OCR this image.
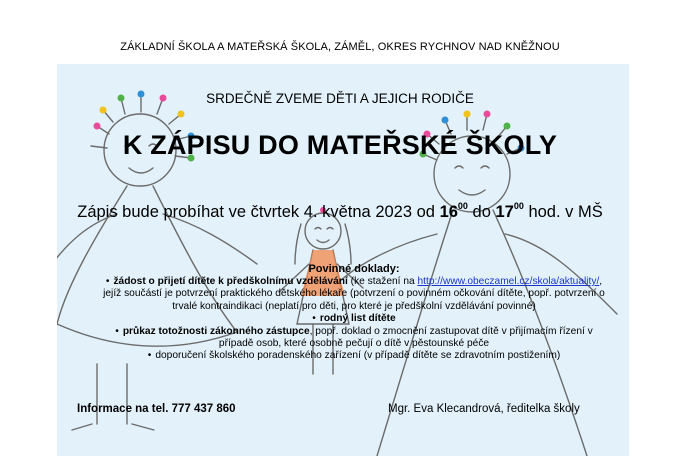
ZÁKLADNÍ ŠKOLA A MATEŘSKÁ ŠKOLA, ZÁMĚL, OKRES RYCHNOV NAD KNĚŽNOU
SRDEČNĚ ZVEME DĚTI A JEJICH RODIČE
K ZÁPISU DO MATEŘSKÉ ŠKOLY
Zápis bude probíhat ve čtvrtek 4. května 2023 od $16^{00}$ do $17^{00}$ hod. v MŠ
Povinné doklady:
• žádost o přijetí dítěte k předškolnímu vzdělávání (ke stažení na http://www.obeczamel.cz/skola/aktuality/,
jejíž součástí je potvrzení praktického dětského lékaře (potvrzení o povinném očkování dítěte, popř. potvrzení o
trvalé kontraindikaci (neplatí pro děti, pro které je předškolní vzdělávání povinné)
• rodný list dítěte
• průkaz totožnosti zákonného zástupce, popř. doklad o zmocnění zastupovat dítě v přijímacím řízení v
případě osob, které osobně pečují o dítě v pěstounské péče
• doporučení školského poradenského zařízení (v případě dítěte se zdravotním postižením)
Informace na tel. 777 437 860	Mgr. Eva Klecandrová, ředitelka školy
